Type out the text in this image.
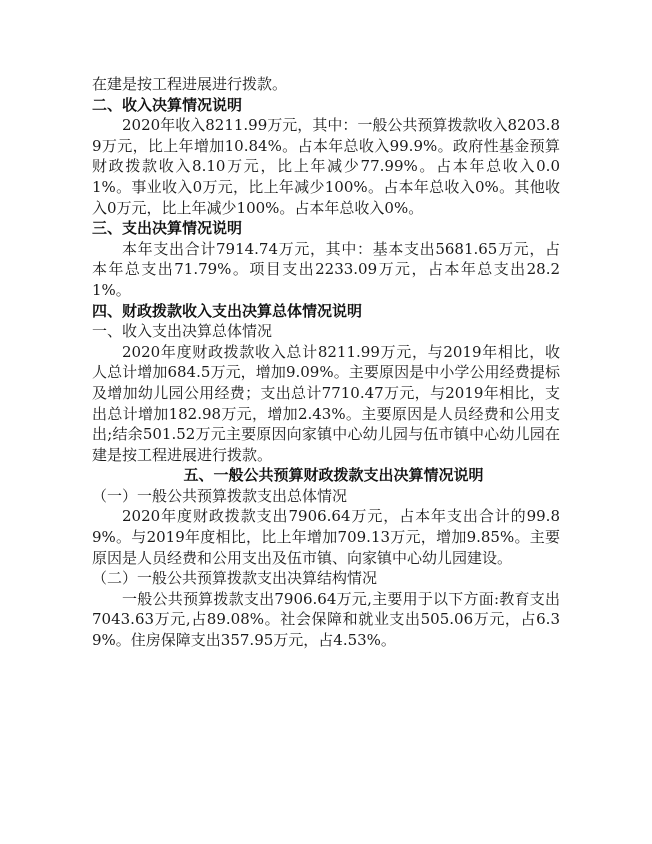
在建是按工程进展进行拨款。

二、收入决算情况说明

2020年收入8211.99万元，其中：一般公共预算拨款收入8203.89万元，比上年增加10.84%。占本年总收入99.9%。政府性基金预算财政拨款收入8.10万元，比上年减少77.99%。占本年总收入0.01%。事业收入0万元，比上年减少100%。占本年总收入0%。其他收入0万元，比上年减少100%。占本年总收入0%。

三、支出决算情况说明

本年支出合计7914.74万元，其中：基本支出5681.65万元，占本年总支出71.79%。项目支出2233.09万元，占本年总支出28.21%。

四、财政拨款收入支出决算总体情况说明

一、收入支出决算总体情况

2020年度财政拨款收入总计8211.99万元，与2019年相比，收人总计增加684.5万元，增加9.09%。主要原因是中小学公用经费提标及增加幼儿园公用经费；支出总计7710.47万元，与2019年相比，支出总计增加182.98万元，增加2.43%。主要原因是人员经费和公用支出;结余501.52万元主要原因向家镇中心幼儿园与伍市镇中心幼儿园在建是按工程进展进行拨款。

五、一般公共预算财政拨款支出决算情况说明

（一）一般公共预算拨款支出总体情况

2020年度财政拨款支出7906.64万元，占本年支出合计的99.89%。与2019年度相比，比上年增加709.13万元，增加9.85%。主要原因是人员经费和公用支出及伍市镇、向家镇中心幼儿园建设。

（二）一般公共预算拨款支出决算结构情况

一般公共预算拨款支出7906.64万元,主要用于以下方面:教育支出7043.63万元,占89.08%。社会保障和就业支出505.06万元，占6.39%。住房保障支出357.95万元，占4.53%。
